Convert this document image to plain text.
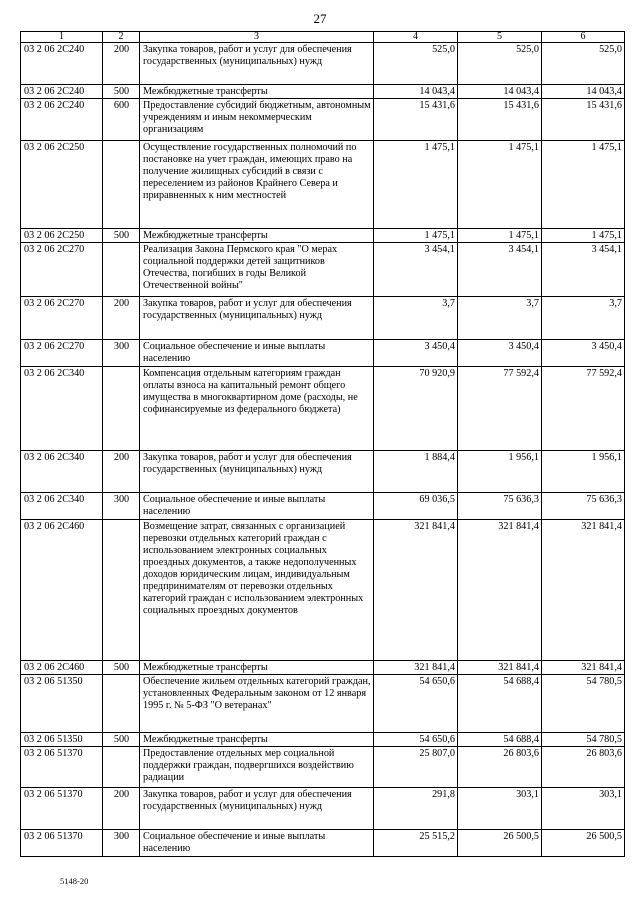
27
1	2	3	4	5	6
03 2 06 2C240	200	Закупка товаров, работ и услуг для обеспечения государственных (муниципальных) нужд	525,0	525,0	525,0
03 2 06 2C240	500	Межбюджетные трансферты	14 043,4	14 043,4	14 043,4
03 2 06 2C240	600	Предоставление субсидий бюджетным, автономным учреждениям и иным некоммерческим организациям	15 431,6	15 431,6	15 431,6
03 2 06 2C250		Осуществление государственных полномочий по постановке на учет граждан, имеющих право на получение жилищных субсидий в связи с переселением из районов Крайнего Севера и приравненных к ним местностей	1 475,1	1 475,1	1 475,1
03 2 06 2C250	500	Межбюджетные трансферты	1 475,1	1 475,1	1 475,1
03 2 06 2C270		Реализация Закона Пермского края "О мерах социальной поддержки детей защитников Отечества, погибших в годы Великой Отечественной войны"	3 454,1	3 454,1	3 454,1
03 2 06 2C270	200	Закупка товаров, работ и услуг для обеспечения государственных (муниципальных) нужд	3,7	3,7	3,7
03 2 06 2C270	300	Социальное обеспечение и иные выплаты населению	3 450,4	3 450,4	3 450,4
03 2 06 2C340		Компенсация отдельным категориям граждан оплаты взноса на капитальный ремонт общего имущества в многоквартирном доме (расходы, не софинансируемые из федерального бюджета)	70 920,9	77 592,4	77 592,4
03 2 06 2C340	200	Закупка товаров, работ и услуг для обеспечения государственных (муниципальных) нужд	1 884,4	1 956,1	1 956,1
03 2 06 2C340	300	Социальное обеспечение и иные выплаты населению	69 036,5	75 636,3	75 636,3
03 2 06 2C460		Возмещение затрат, связанных с организацией перевозки отдельных категорий граждан с использованием электронных социальных проездных документов, а также недополученных доходов юридическим лицам, индивидуальным предпринимателям от перевозки отдельных категорий граждан с использованием электронных социальных проездных документов	321 841,4	321 841,4	321 841,4
03 2 06 2C460	500	Межбюджетные трансферты	321 841,4	321 841,4	321 841,4
03 2 06 51350		Обеспечение жильем отдельных категорий граждан, установленных Федеральным законом от 12 января 1995 г. № 5-ФЗ "О ветеранах"	54 650,6	54 688,4	54 780,5
03 2 06 51350	500	Межбюджетные трансферты	54 650,6	54 688,4	54 780,5
03 2 06 51370		Предоставление отдельных мер социальной поддержки граждан, подвергшихся воздействию радиации	25 807,0	26 803,6	26 803,6
03 2 06 51370	200	Закупка товаров, работ и услуг для обеспечения государственных (муниципальных) нужд	291,8	303,1	303,1
03 2 06 51370	300	Социальное обеспечение и иные выплаты населению	25 515,2	26 500,5	26 500,5
5148-20
